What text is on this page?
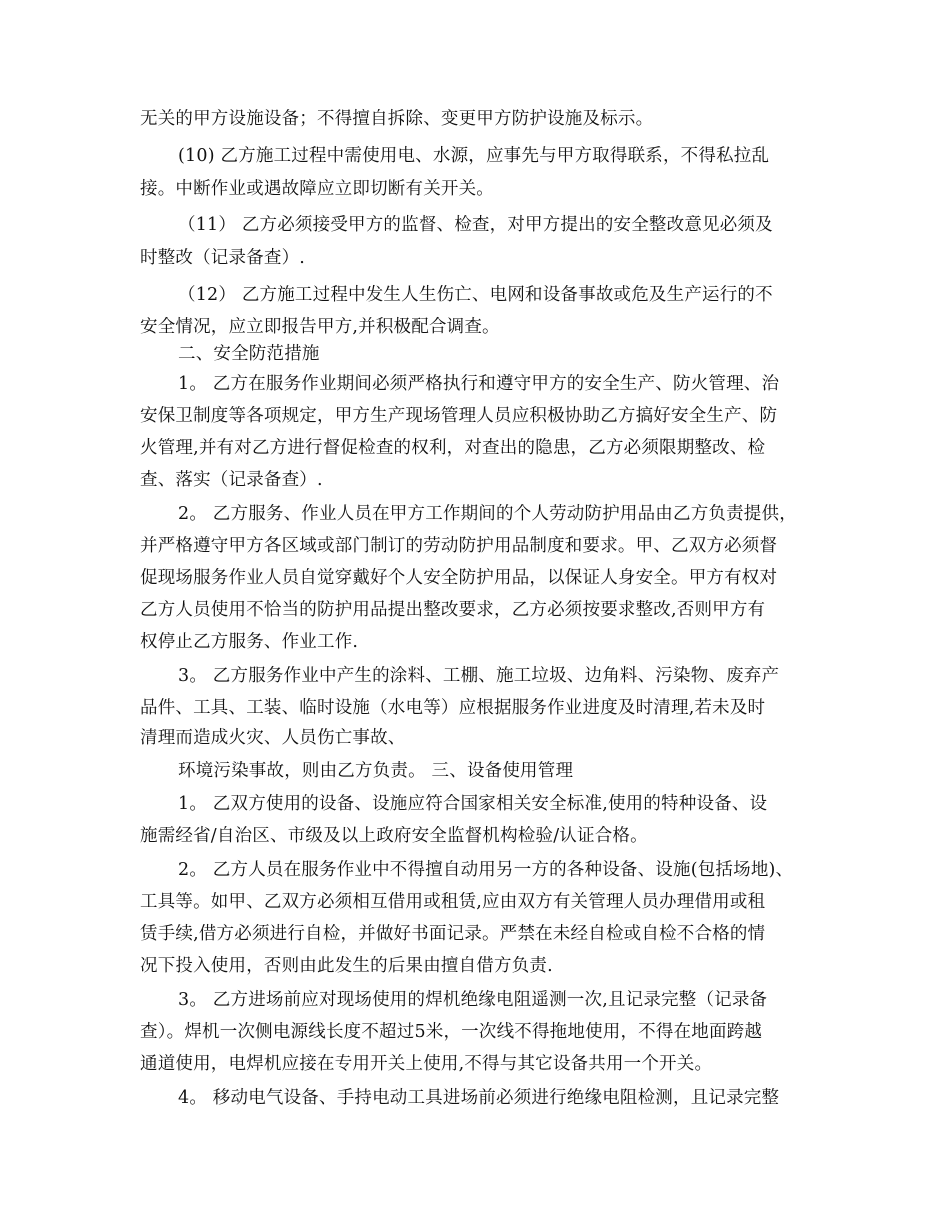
无关的甲方设施设备；不得擅自拆除、变更甲方防护设施及标示。
(10) 乙方施工过程中需使用电、水源，应事先与甲方取得联系，不得私拉乱
接。中断作业或遇故障应立即切断有关开关。
（11） 乙方必须接受甲方的监督、检查，对甲方提出的安全整改意见必须及
时整改（记录备查）.
（12） 乙方施工过程中发生人生伤亡、电网和设备事故或危及生产运行的不
安全情况，应立即报告甲方,并积极配合调查。
二、安全防范措施
1。 乙方在服务作业期间必须严格执行和遵守甲方的安全生产、防火管理、治
安保卫制度等各项规定，甲方生产现场管理人员应积极协助乙方搞好安全生产、防
火管理,并有对乙方进行督促检查的权利，对查出的隐患，乙方必须限期整改、检
查、落实（记录备查）.
2。 乙方服务、作业人员在甲方工作期间的个人劳动防护用品由乙方负责提供，
并严格遵守甲方各区域或部门制订的劳动防护用品制度和要求。甲、乙双方必须督
促现场服务作业人员自觉穿戴好个人安全防护用品，以保证人身安全。甲方有权对
乙方人员使用不恰当的防护用品提出整改要求，乙方必须按要求整改,否则甲方有
权停止乙方服务、作业工作.
3。 乙方服务作业中产生的涂料、工棚、施工垃圾、边角料、污染物、废弃产
品件、工具、工装、临时设施（水电等）应根据服务作业进度及时清理,若未及时
清理而造成火灾、人员伤亡事故、
环境污染事故，则由乙方负责。 三、设备使用管理
1。 乙双方使用的设备、设施应符合国家相关安全标准,使用的特种设备、设
施需经省/自治区、市级及以上政府安全监督机构检验/认证合格。
2。 乙方人员在服务作业中不得擅自动用另一方的各种设备、设施(包括场地)、
工具等。如甲、乙双方必须相互借用或租赁,应由双方有关管理人员办理借用或租
赁手续,借方必须进行自检，并做好书面记录。严禁在未经自检或自检不合格的情
况下投入使用，否则由此发生的后果由擅自借方负责.
3。 乙方进场前应对现场使用的焊机绝缘电阻遥测一次,且记录完整（记录备
查）。焊机一次侧电源线长度不超过5米，一次线不得拖地使用，不得在地面跨越
通道使用，电焊机应接在专用开关上使用,不得与其它设备共用一个开关。
4。 移动电气设备、手持电动工具进场前必须进行绝缘电阻检测，且记录完整
